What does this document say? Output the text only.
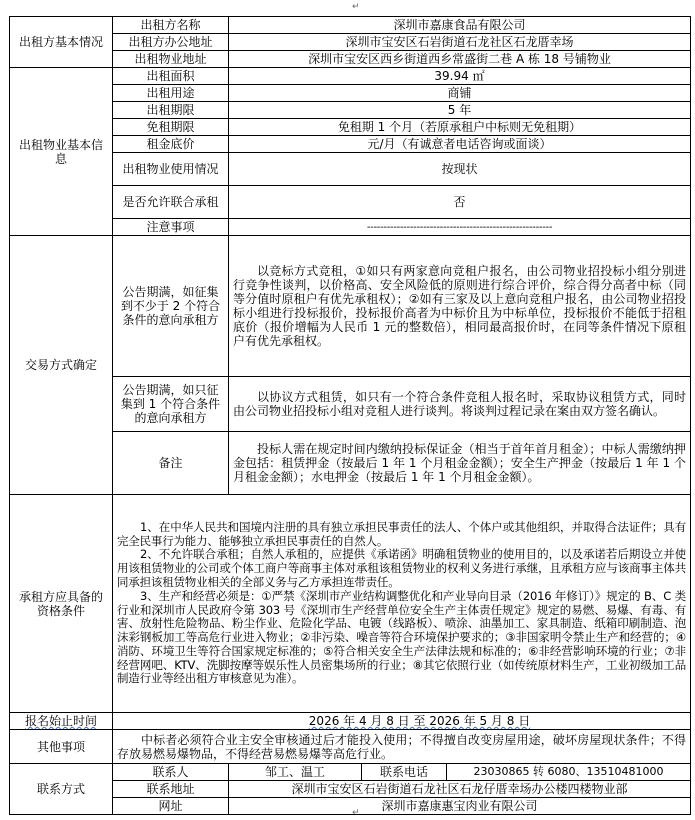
↵
出租方基本情况	出租方名称	深圳市嘉康食品有限公司		
	出租方办公地址	深圳市宝安区石岩街道石龙社区石龙厝幸场		
	出租物业地址	深圳市宝安区西乡街道西乡常盛街二巷 A 栋 18 号铺物业		
出租物业基本信息	出租面积	39.94 ㎡		
	出租用途	商铺		
	出租期限	5 年		
	免租期限	免租期 1 个月（若原承租户中标则无免租期）		
	租金底价	元/月（有诚意者电话咨询或面谈）		
	出租物业使用情况	按现状		
	是否允许联合承租	否		
	注意事项	--------------------------------------------------------		
交易方式确定	公告期满，如征集到不少于 2 个符合条件的意向承租方	以竞标方式竞租，①如只有两家意向竞租户报名，由公司物业招投标小组分别进行竞争性谈判，以价格高、安全风险低的原则进行综合评价，综合得分高者中标（同等分值时原租户有优先承租权）；②如有三家及以上意向竞租户报名，由公司物业招投标小组进行投标报价，投标报价高者为中标价且为中标单位，投标报价不能低于招租底价（报价增幅为人民币 1 元的整数倍），相同最高报价时，在同等条件情况下原租户有优先承租权。		
	公告期满，如只征集到 1 个符合条件的意向承租方	以协议方式租赁，如只有一个符合条件竞租人报名时，采取协议租赁方式，同时由公司物业招投标小组对竞租人进行谈判。将谈判过程记录在案由双方签名确认。		
	备注	投标人需在规定时间内缴纳投标保证金（相当于首年首月租金）；中标人需缴纳押金包括：租赁押金（按最后 1 年 1 个月租金金额）；安全生产押金（按最后 1 年 1 个月租金金额）；水电押金（按最后 1 年 1 个月租金金额）。		
承租方应具备的资格条件	1、在中华人民共和国境内注册的具有独立承担民事责任的法人、个体户或其他组织，并取得合法证件；具有完全民事行为能力、能够独立承担民事责任的自然人。
2、不允许联合承租；自然人承租的，应提供《承诺函》明确租赁物业的使用目的，以及承诺若后期设立并使用该租赁物业的公司或个体工商户等商事主体对承租该租赁物业的权利义务进行承继，且承租方应与该商事主体共同承担该租赁物业相关的全部义务与乙方承担连带责任。
3、生产和经营必须是：①严禁《深圳市产业结构调整优化和产业导向目录（2016 年修订）》规定的 B、C 类行业和深圳市人民政府令第 303 号《深圳市生产经营单位安全生产主体责任规定》规定的易燃、易爆、有毒、有害、放射性危险物品、粉尘作业、危险化学品、电镀（线路板）、喷涂、油墨加工、家具制造、纸箱印刷制造、泡沫彩钢板加工等高危行业进入物业；②非污染、噪音等符合环境保护要求的；③非国家明令禁止生产和经营的；④消防、环境卫生等符合国家规定标准的；⑤符合相关安全生产法律法规和标准的；⑥非经营影响环境的行业；⑦非经营网吧、KTV、洗脚按摩等娱乐性人员密集场所的行业；⑧其它依照行业（如传统原材料生产，工业初级加工品制造行业等经出租方审核意见为准）。			

报名始止时间	2026 年 4 月 8 日 至 2026 年 5 月 8 日			
其他事项	中标者必须符合业主安全审核通过后才能投入使用；不得擅自改变房屋用途，破坏房屋现状条件；不得存放易燃易爆物品，不得经营易燃易爆等高危行业。			
联系方式	联系人	邹工、温工	联系电话	23030865 转 6080、13510481000
	联系地址	深圳市宝安区石岩街道石龙社区石龙仔厝幸场办公楼四楼物业部		
	网址	深圳市嘉康惠宝肉业有限公司		
↵
